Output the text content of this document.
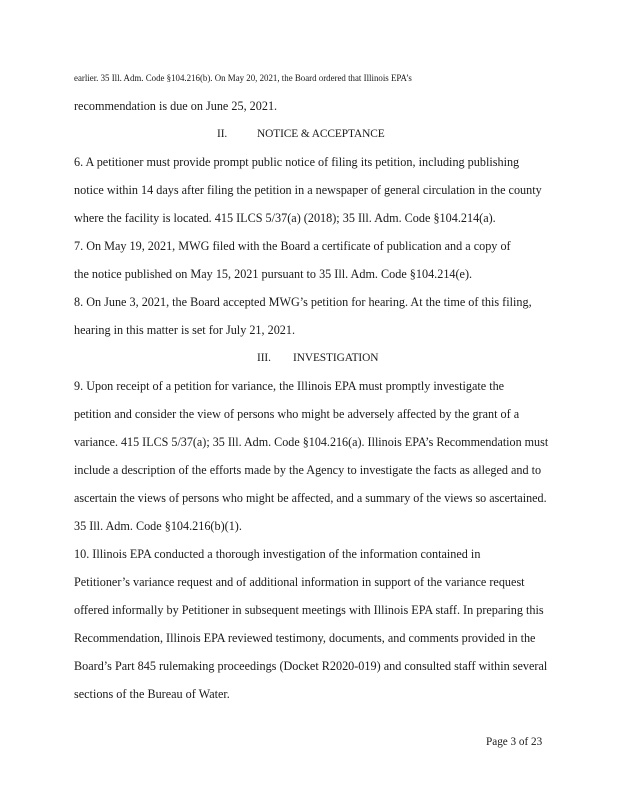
earlier. 35 Ill. Adm. Code §104.216(b). On May 20, 2021, the Board ordered that Illinois EPA’s
recommendation is due on June 25, 2021.
II.	NOTICE & ACCEPTANCE
6. A petitioner must provide prompt public notice of filing its petition, including publishing
notice within 14 days after filing the petition in a newspaper of general circulation in the county
where the facility is located. 415 ILCS 5/37(a) (2018); 35 Ill. Adm. Code §104.214(a).
7. On May 19, 2021, MWG filed with the Board a certificate of publication and a copy of
the notice published on May 15, 2021 pursuant to 35 Ill. Adm. Code §104.214(e).
8. On June 3, 2021, the Board accepted MWG’s petition for hearing. At the time of this filing,
hearing in this matter is set for July 21, 2021.
III. INVESTIGATION
9. Upon receipt of a petition for variance, the Illinois EPA must promptly investigate the
petition and consider the view of persons who might be adversely affected by the grant of a
variance. 415 ILCS 5/37(a); 35 Ill. Adm. Code §104.216(a). Illinois EPA’s Recommendation must
include a description of the efforts made by the Agency to investigate the facts as alleged and to
ascertain the views of persons who might be affected, and a summary of the views so ascertained.
35 Ill. Adm. Code §104.216(b)(1).
10. Illinois EPA conducted a thorough investigation of the information contained in
Petitioner’s variance request and of additional information in support of the variance request
offered informally by Petitioner in subsequent meetings with Illinois EPA staff. In preparing this
Recommendation, Illinois EPA reviewed testimony, documents, and comments provided in the
Board’s Part 845 rulemaking proceedings (Docket R2020-019) and consulted staff within several
sections of the Bureau of Water.
Page 3 of 23
